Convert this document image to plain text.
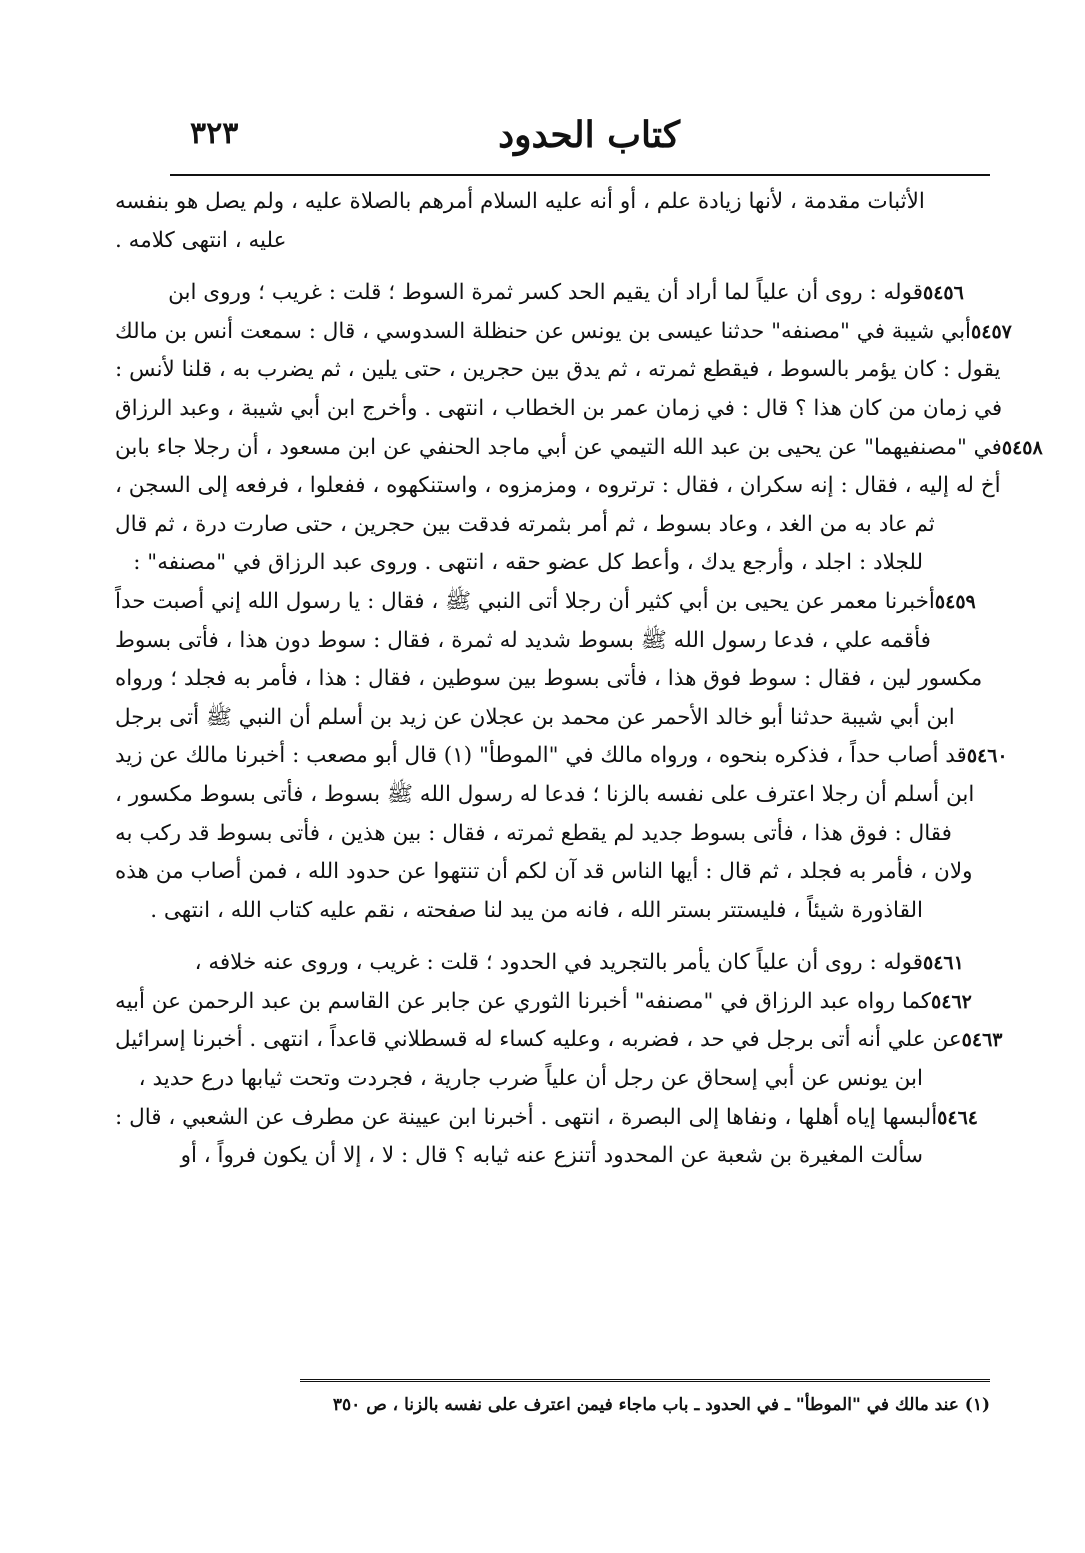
كتاب الحدود
٣٢٣
الأثبات مقدمة ، لأنها زيادة علم ، أو أنه عليه السلام أمرهم بالصلاة عليه ، ولم يصل هو بنفسه
عليه ، انتهى كلامه .
قوله : روى أن علياً لما أراد أن يقيم الحد كسر ثمرة السوط ؛ قلت : غريب ؛ وروى ابن ٥٤٥٦
أبي شيبة في "مصنفه" حدثنا عيسى بن يونس عن حنظلة السدوسي ، قال : سمعت أنس بن مالك ٥٤٥٧
يقول : كان يؤمر بالسوط ، فيقطع ثمرته ، ثم يدق بين حجرين ، حتى يلين ، ثم يضرب به ، قلنا لأنس :
في زمان من كان هذا ؟ قال : في زمان عمر بن الخطاب ، انتهى . وأخرج ابن أبي شيبة ، وعبد الرزاق
في "مصنفيهما" عن يحيى بن عبد الله التيمي عن أبي ماجد الحنفي عن ابن مسعود ، أن رجلا جاء بابن ٥٤٥٨
أخ له إليه ، فقال : إنه سكران ، فقال : ترتروه ، ومزمزوه ، واستنكهوه ، ففعلوا ، فرفعه إلى السجن ،
ثم عاد به من الغد ، وعاد بسوط ، ثم أمر بثمرته فدقت بين حجرين ، حتى صارت درة ، ثم قال
للجلاد : اجلد ، وأرجع يدك ، وأعط كل عضو حقه ، انتهى . وروى عبد الرزاق في "مصنفه" :
أخبرنا معمر عن يحيى بن أبي كثير أن رجلا أتى النبي ﷺ ، فقال : يا رسول الله إني أصبت حداً ٥٤٥٩
فأقمه علي ، فدعا رسول الله ﷺ بسوط شديد له ثمرة ، فقال : سوط دون هذا ، فأتى بسوط
مكسور لين ، فقال : سوط فوق هذا ، فأتى بسوط بين سوطين ، فقال : هذا ، فأمر به فجلد ؛ ورواه
ابن أبي شيبة حدثنا أبو خالد الأحمر عن محمد بن عجلان عن زيد بن أسلم أن النبي ﷺ أتى برجل
قد أصاب حداً ، فذكره بنحوه ، ورواه مالك في "الموطأ" (١) قال أبو مصعب : أخبرنا مالك عن زيد ٥٤٦٠
ابن أسلم أن رجلا اعترف على نفسه بالزنا ؛ فدعا له رسول الله ﷺ بسوط ، فأتى بسوط مكسور ،
فقال : فوق هذا ، فأتى بسوط جديد لم يقطع ثمرته ، فقال : بين هذين ، فأتى بسوط قد ركب به
ولان ، فأمر به فجلد ، ثم قال : أيها الناس قد آن لكم أن تنتهوا عن حدود الله ، فمن أصاب من هذه
القاذورة شيئاً ، فليستتر بستر الله ، فانه من يبد لنا صفحته ، نقم عليه كتاب الله ، انتهى .
قوله : روى أن علياً كان يأمر بالتجريد في الحدود ؛ قلت : غريب ، وروى عنه خلافه ، ٥٤٦١
كما رواه عبد الرزاق في "مصنفه" أخبرنا الثوري عن جابر عن القاسم بن عبد الرحمن عن أبيه ٥٤٦٢
عن علي أنه أتى برجل في حد ، فضربه ، وعليه كساء له قسطلاني قاعداً ، انتهى . أخبرنا إسرائيل ٥٤٦٣
ابن يونس عن أبي إسحاق عن رجل أن علياً ضرب جارية ، فجردت وتحت ثيابها درع حديد ،
ألبسها إياه أهلها ، ونفاها إلى البصرة ، انتهى . أخبرنا ابن عيينة عن مطرف عن الشعبي ، قال : ٥٤٦٤
سألت المغيرة بن شعبة عن المحدود أتنزع عنه ثيابه ؟ قال : لا ، إلا أن يكون فرواً ، أو
(١) عند مالك في "الموطأ" ـ في الحدود ـ باب ماجاء فيمن اعترف على نفسه بالزنا ، ص ٣٥٠
